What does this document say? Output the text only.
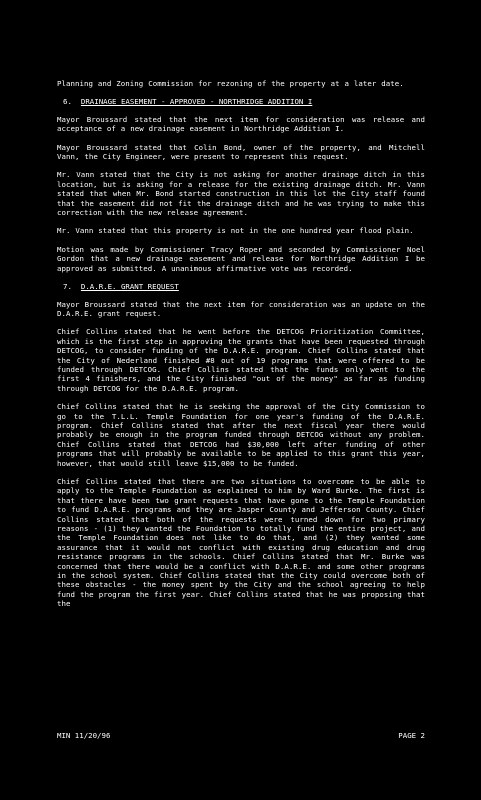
Planning and Zoning Commission for rezoning of the property at a later date.

6. DRAINAGE EASEMENT - APPROVED - NORTHRIDGE ADDITION I

Mayor Broussard stated that the next item for consideration was release and acceptance of a new drainage easement in Northridge Addition I.

Mayor Broussard stated that Colin Bond, owner of the property, and Mitchell Vann, the City Engineer, were present to represent this request.

Mr. Vann stated that the City is not asking for another drainage ditch in this location, but is asking for a release for the existing drainage ditch. Mr. Vann stated that when Mr. Bond started construction in this lot the City staff found that the easement did not fit the drainage ditch and he was trying to make this correction with the new release agreement.

Mr. Vann stated that this property is not in the one hundred year flood plain.

Motion was made by Commissioner Tracy Roper and seconded by Commissioner Noel Gordon that a new drainage easement and release for Northridge Addition I be approved as submitted. A unanimous affirmative vote was recorded.

7. D.A.R.E. GRANT REQUEST

Mayor Broussard stated that the next item for consideration was an update on the D.A.R.E. grant request.

Chief Collins stated that he went before the DETCOG Prioritization Committee, which is the first step in approving the grants that have been requested through DETCOG, to consider funding of the D.A.R.E. program. Chief Collins stated that the City of Nederland finished #8 out of 19 programs that were offered to be funded through DETCOG. Chief Collins stated that the funds only went to the first 4 finishers, and the City finished "out of the money" as far as funding through DETCOG for the D.A.R.E. program.

Chief Collins stated that he is seeking the approval of the City Commission to go to the T.L.L. Temple Foundation for one year's funding of the D.A.R.E. program. Chief Collins stated that after the next fiscal year there would probably be enough in the program funded through DETCOG without any problem. Chief Collins stated that DETCOG had $30,000 left after funding of other programs that will probably be available to be applied to this grant this year, however, that would still leave $15,000 to be funded.

Chief Collins stated that there are two situations to overcome to be able to apply to the Temple Foundation as explained to him by Ward Burke. The first is that there have been two grant requests that have gone to the Temple Foundation to fund D.A.R.E. programs and they are Jasper County and Jefferson County. Chief Collins stated that both of the requests were turned down for two primary reasons - (1) they wanted the Foundation to totally fund the entire project, and the Temple Foundation does not like to do that, and (2) they wanted some assurance that it would not conflict with existing drug education and drug resistance programs in the schools. Chief Collins stated that Mr. Burke was concerned that there would be a conflict with D.A.R.E. and some other programs in the school system. Chief Collins stated that the City could overcome both of these obstacles - the money spent by the City and the school agreeing to help fund the program the first year. Chief Collins stated that he was proposing that the

MIN 11/20/96	PAGE 2
